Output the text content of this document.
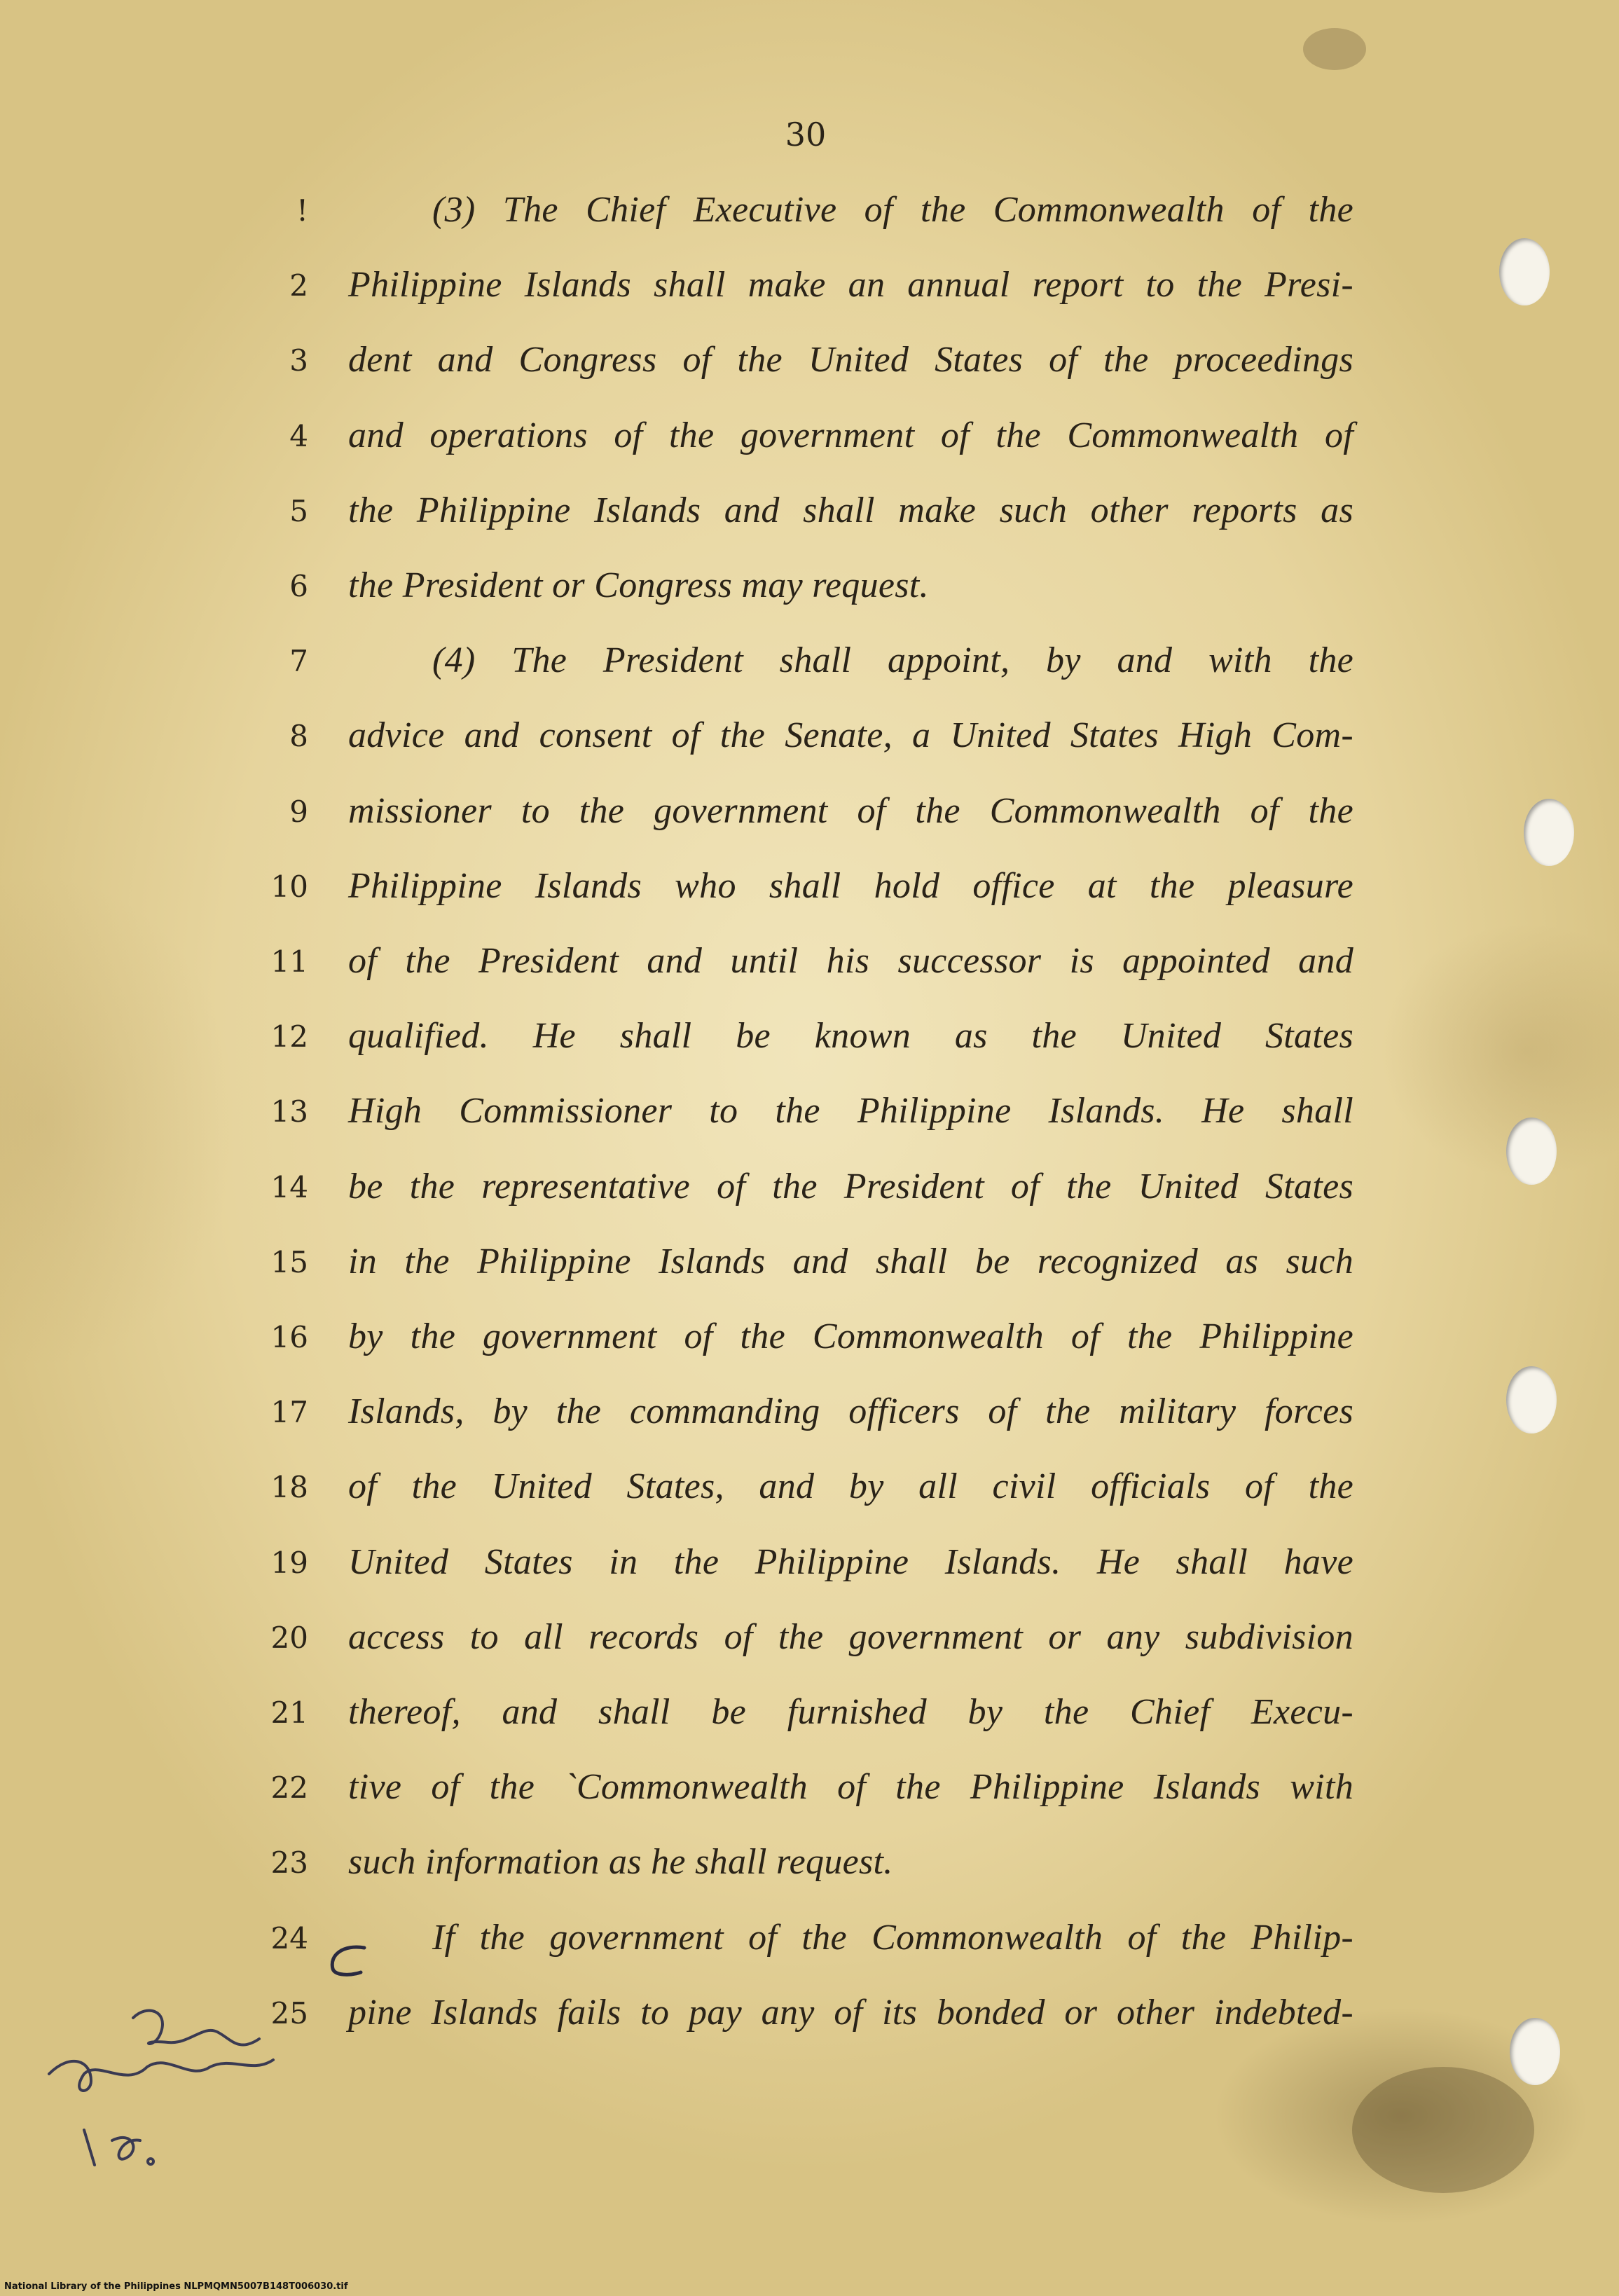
30
!	(3) The Chief Executive of the Commonwealth of the
2 Philippine Islands shall make an annual report to the Presi-
3 dent and Congress of the United States of the proceedings
4 and operations of the government of the Commonwealth of
5 the Philippine Islands and shall make such other reports as
6 the President or Congress may request.
7	(4) The President shall appoint, by and with the
8 advice and consent of the Senate, a United States High Com-
9 missioner to the government of the Commonwealth of the
10 Philippine Islands who shall hold office at the pleasure
11 of the President and until his successor is appointed and
12 qualified. He shall be known as the United States
13 High Commissioner to the Philippine Islands. He shall
14 be the representative of the President of the United States
15 in the Philippine Islands and shall be recognized as such
16 by the government of the Commonwealth of the Philippine
17 Islands, by the commanding officers of the military forces
18 of the United States, and by all civil officials of the
19 United States in the Philippine Islands. He shall have
20 access to all records of the government or any subdivision
21 thereof, and shall be furnished by the Chief Execu-
22 tive of the `Commonwealth of the Philippine Islands with
23 such information as he shall request.
24	If the government of the Commonwealth of the Philip-
25 pine Islands fails to pay any of its bonded or other indebted-
National Library of the Philippines NLPMQMN5007B148T006030.tif
